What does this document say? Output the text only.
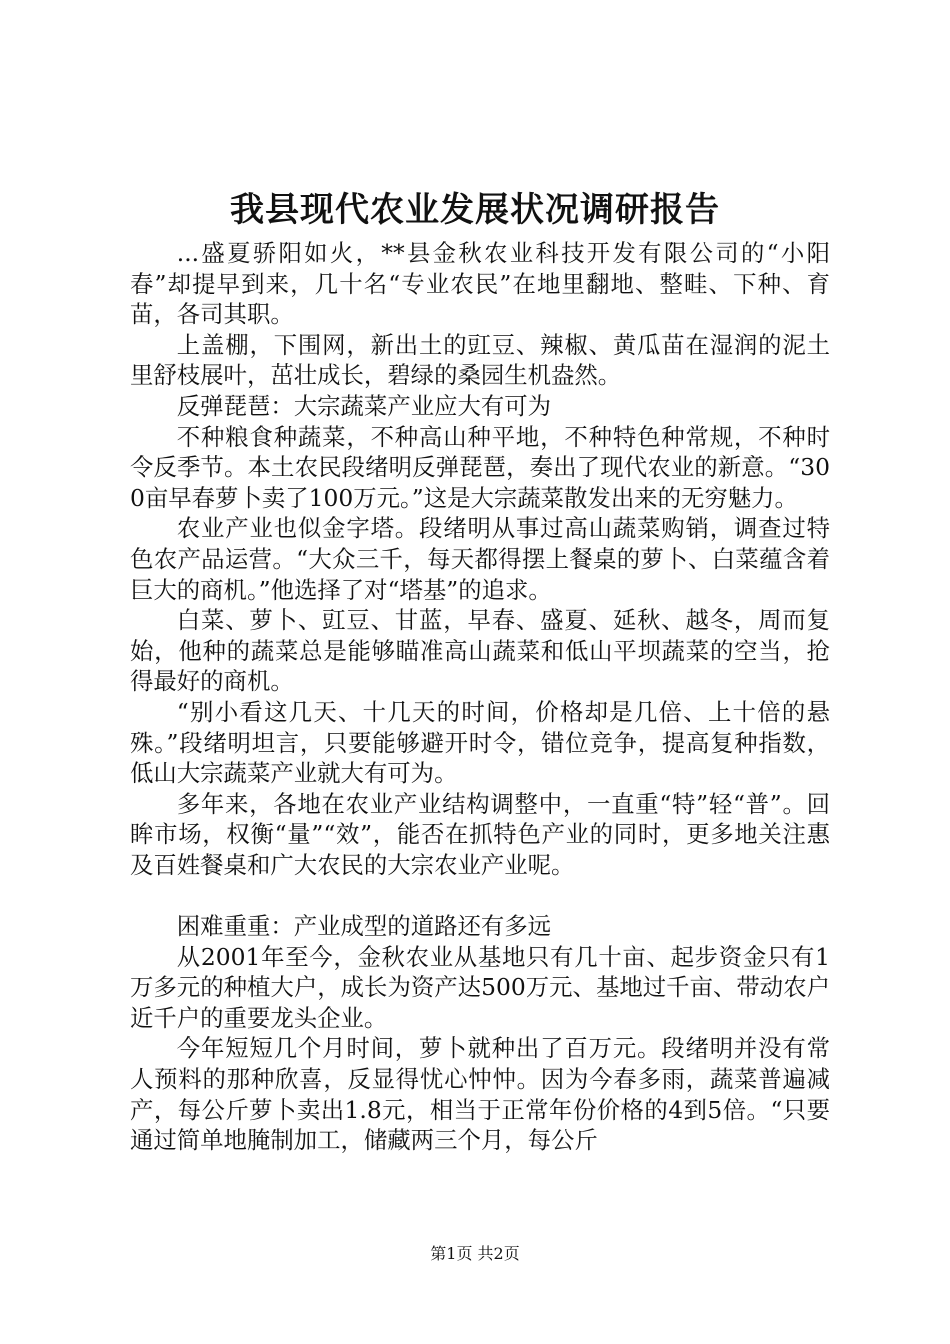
我县现代农业发展状况调研报告

...盛夏骄阳如火，**县金秋农业科技开发有限公司的“小阳春”却提早到来，几十名“专业农民”在地里翻地、整畦、下种、育苗，各司其职。

上盖棚，下围网，新出土的豇豆、辣椒、黄瓜苗在湿润的泥土里舒枝展叶，茁壮成长，碧绿的桑园生机盎然。

反弹琵琶：大宗蔬菜产业应大有可为

不种粮食种蔬菜，不种高山种平地，不种特色种常规，不种时令反季节。本土农民段绪明反弹琵琶，奏出了现代农业的新意。“300亩早春萝卜卖了100万元。”这是大宗蔬菜散发出来的无穷魅力。

农业产业也似金字塔。段绪明从事过高山蔬菜购销，调查过特色农产品运营。“大众三千，每天都得摆上餐桌的萝卜、白菜蕴含着巨大的商机。”他选择了对“塔基”的追求。

白菜、萝卜、豇豆、甘蓝，早春、盛夏、延秋、越冬，周而复始，他种的蔬菜总是能够瞄准高山蔬菜和低山平坝蔬菜的空当，抢得最好的商机。

“别小看这几天、十几天的时间，价格却是几倍、上十倍的悬殊。”段绪明坦言，只要能够避开时令，错位竞争，提高复种指数，低山大宗蔬菜产业就大有可为。

多年来，各地在农业产业结构调整中，一直重“特”轻“普”。回眸市场，权衡“量”“效”，能否在抓特色产业的同时，更多地关注惠及百姓餐桌和广大农民的大宗农业产业呢。

困难重重：产业成型的道路还有多远

从2001年至今，金秋农业从基地只有几十亩、起步资金只有1万多元的种植大户，成长为资产达500万元、基地过千亩、带动农户近千户的重要龙头企业。

今年短短几个月时间，萝卜就种出了百万元。段绪明并没有常人预料的那种欣喜，反显得忧心忡忡。因为今春多雨，蔬菜普遍减产，每公斤萝卜卖出1.8元，相当于正常年份价格的4到5倍。“只要通过简单地腌制加工，储藏两三个月，每公斤

第1页 共2页
